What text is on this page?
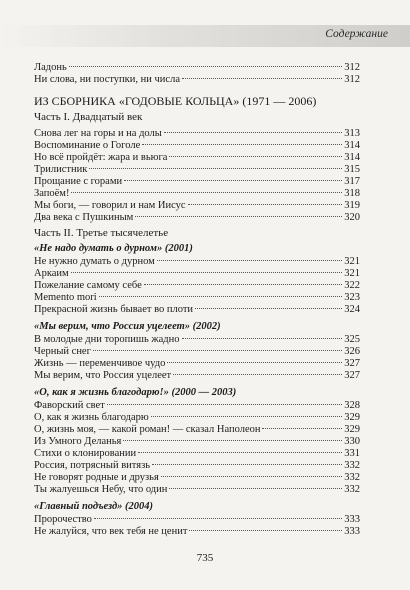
Содержание
Ладонь	312
Ни слова, ни поступки, ни числа	312
ИЗ СБОРНИКА «ГОДОВЫЕ КОЛЬЦА» (1971 — 2006)
Часть I. Двадцатый век
Снова лег на горы и на долы	313
Воспоминание о Гоголе	314
Но всё пройдёт: жара и вьюга	314
Трилистник	315
Прощание с горами	317
Запоём!	318
Мы боги, — говорил и нам Иисус	319
Два века с Пушкиным	320
Часть II. Третье тысячелетье
«Не надо думать о дурном» (2001)
Не нужно думать о дурном	321
Аркаим	321
Пожелание самому себе	322
Memento mori	323
Прекрасной жизнь бывает во плоти	324
«Мы верим, что Россия уцелеет» (2002)
В молодые дни торопишь жадно	325
Черный снег	326
Жизнь — переменчивое чудо	327
Мы верим, что Россия уцелеет	327
«О, как я жизнь благодарю!» (2000 — 2003)
Фаворский свет	328
О, как я жизнь благодарю	329
О, жизнь моя, — какой роман! — сказал Наполеон	329
Из Умного Деланья	330
Стихи о клонировании	331
Россия, потрясный витязь	332
Не говорят родные и друзья	332
Ты жалуешься Небу, что один	332
«Главный подъезд» (2004)
Пророчество	333
Не жалуйся, что век тебя не ценит	333
735
